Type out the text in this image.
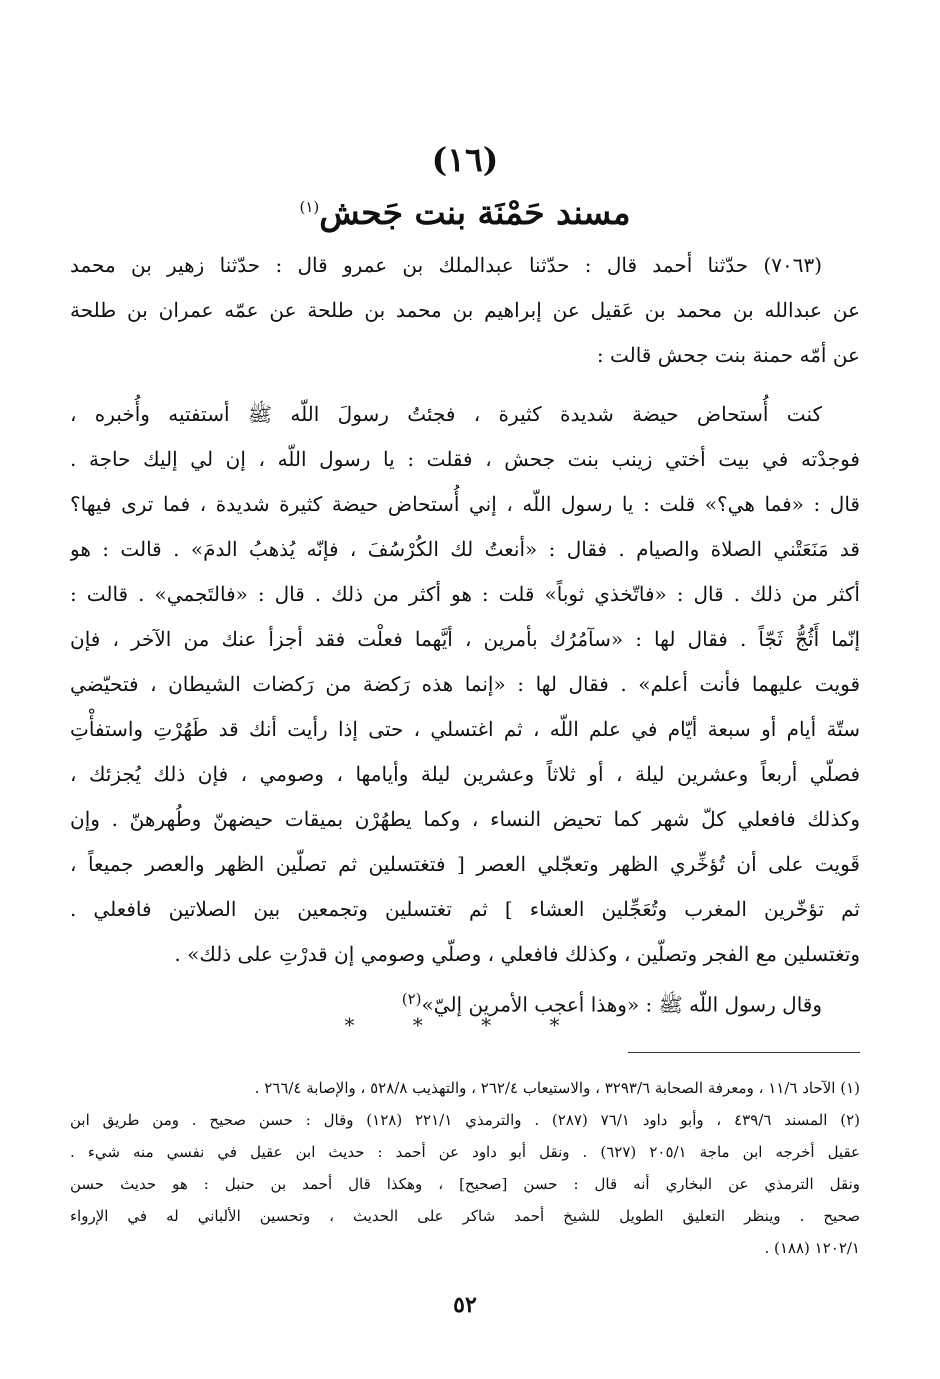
(١٦)
مسند حَمْنَة بنت جَحش$^{(١)}$
(٧٠٦٣) حدّثنا أحمد قال : حدّثنا عبدالملك بن عمرو قال : حدّثنا زهير بن محمد
عن عبدالله بن محمد بن عَقيل عن إبراهيم بن محمد بن طلحة عن عمّه عمران بن طلحة
عن أمّه حمنة بنت جحش قالت :
كنت أُستحاض حيضة شديدة كثيرة ، فجئتُ رسولَ اللّه ﷺ أستفتيه وأُخبره ،
فوجدْته في بيت أختي زينب بنت جحش ، فقلت : يا رسول اللّه ، إن لي إليك حاجة .
قال : «فما هي؟» قلت : يا رسول اللّه ، إني أُستحاض حيضة كثيرة شديدة ، فما ترى فيها؟
قد مَنَعَتْني الصلاة والصيام . فقال : «أنعتُ لك الكُرْسُفَ ، فإنّه يُذهبُ الدمَ» . قالت : هو
أكثر من ذلك . قال : «فاتّخذي ثوباً» قلت : هو أكثر من ذلك . قال : «فالتَجمي» . قالت :
إنّما أَثُجُّ ثَجّاً . فقال لها : «سآمُرُك بأمرين ، أيَّهما فعلْت فقد أجزأ عنك من الآخر ، فإن
قويت عليهما فأنت أعلم» . فقال لها : «إنما هذه رَكضة من رَكضات الشيطان ، فتحيّضي
ستّة أيام أو سبعة أيّام في علم اللّه ، ثم اغتسلي ، حتى إذا رأيت أنك قد طَهُرْتِ واستفأْتِ
فصلّي أربعاً وعشرين ليلة ، أو ثلاثاً وعشرين ليلة وأيامها ، وصومي ، فإن ذلك يُجزئك ،
وكذلك فافعلي كلّ شهر كما تحيض النساء ، وكما يطهُرْن بميقات حيضهنّ وطُهرهنّ . وإن
قَويت على أن تُؤخِّري الظهر وتعجّلي العصر [ فتغتسلين ثم تصلّين الظهر والعصر جميعاً ،
ثم تؤخّرين المغرب وتُعَجِّلين العشاء ] ثم تغتسلين وتجمعين بين الصلاتين فافعلي .
وتغتسلين مع الفجر وتصلّين ، وكذلك فافعلي ، وصلّي وصومي إن قدرْتِ على ذلك» .
وقال رسول اللّه ﷺ : «وهذا أعجب الأمرين إليّ»$^{(٢)}$
* * * *
(١) الآحاد ١١/٦ ، ومعرفة الصحابة ٣٢٩٣/٦ ، والاستيعاب ٢٦٢/٤ ، والتهذيب ٥٢٨/٨ ، والإصابة ٢٦٦/٤ .
(٢) المسند ٤٣٩/٦ ، وأبو داود ٧٦/١ (٢٨٧) . والترمذي ٢٢١/١ (١٢٨) وقال : حسن صحيح . ومن طريق ابن
عقيل أخرجه ابن ماجة ٢٠٥/١ (٦٢٧) . ونقل أبو داود عن أحمد : حديث ابن عقيل في نفسي منه شيء .
ونقل الترمذي عن البخاري أنه قال : حسن [صحيح] ، وهكذا قال أحمد بن حنبل : هو حديث حسن
صحيح . وينظر التعليق الطويل للشيخ أحمد شاكر على الحديث ، وتحسين الألباني له في الإرواء
١٢٠٢/١ (١٨٨) .
٥٢
